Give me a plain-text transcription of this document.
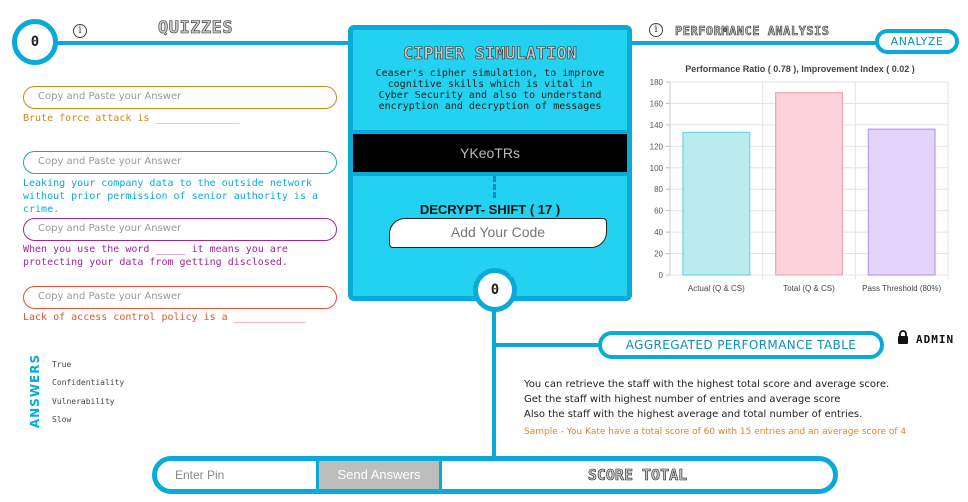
0
i	QUIZZES
Copy and Paste your Answer
Brute force attack is ______________
Copy and Paste your Answer
Leaking your company data to the outside network without prior permission of senior authority is a crime.
Copy and Paste your Answer
When you use the word _____ it means you are protecting your data from getting disclosed.
Copy and Paste your Answer
Lack of access control policy is a ____________
ANSWERS True
Confidentiality
Vulnerability
Slow
CIPHER SIMULATION
Ceaser's cipher simulation, to improve cognitive skills which is vital in Cyber Security and also to understand encryption and decryption of messages
YKeoTRs
DECRYPT- SHIFT ( 17 )
Add Your Code
0
i	PERFORMANCE ANALYSIS
ANALYZE
Performance Ratio ( 0.78 ), Improvement Index ( 0.02 )
0
20
40
60
80
100
120
140
160
180
Actual (Q & CS)	Total (Q & CS)	Pass Threshold (80%)
AGGREGATED PERFORMANCE TABLE	ADMIN
You can retrieve the staff with the highest total score and average score.
Get the staff with highest number of entries and average score
Also the staff with the highest average and total number of entries.
Sample - You Kate have a total score of 60 with 15 entries and an average score of 4
Enter Pin	Send Answers	SCORE TOTAL
